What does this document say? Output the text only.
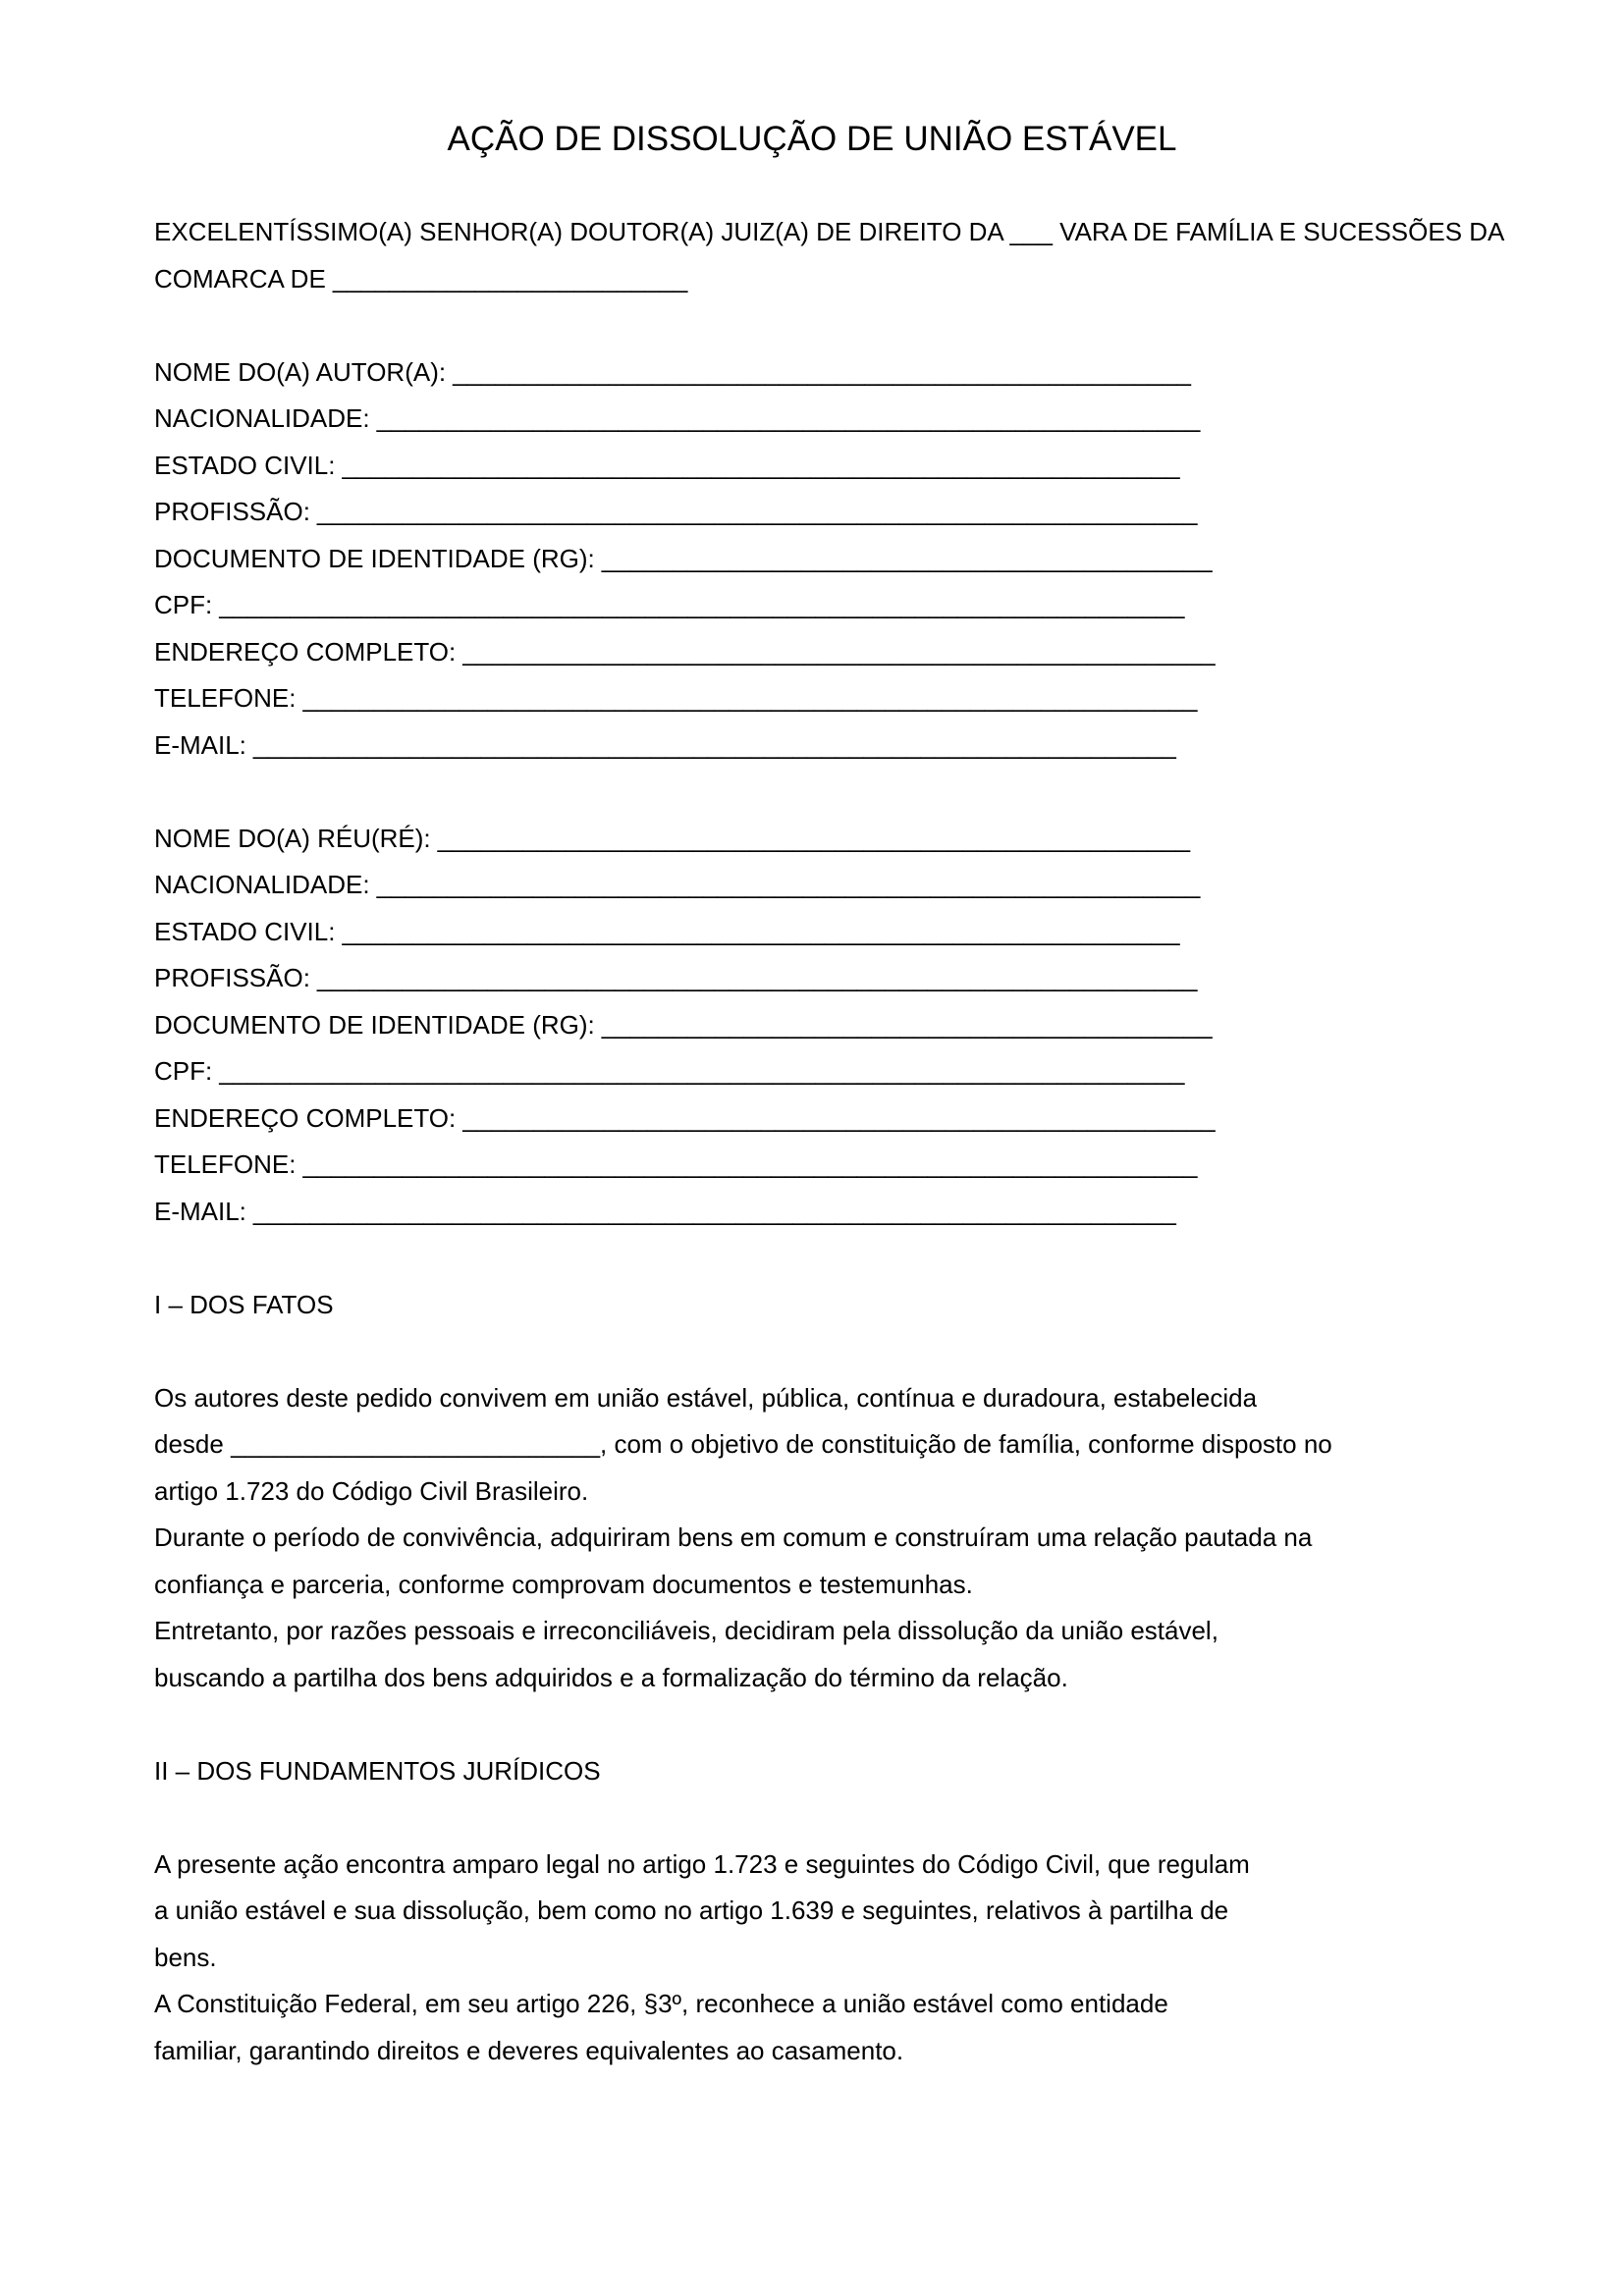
AÇÃO DE DISSOLUÇÃO DE UNIÃO ESTÁVEL
EXCELENTÍSSIMO(A) SENHOR(A) DOUTOR(A) JUIZ(A) DE DIREITO DA ___ VARA DE FAMÍLIA E SUCESSÕES DA
COMARCA DE _________________________
NOME DO(A) AUTOR(A): ____________________________________________________
NACIONALIDADE: __________________________________________________________
ESTADO CIVIL: ___________________________________________________________
PROFISSÃO: ______________________________________________________________
DOCUMENTO DE IDENTIDADE (RG): ___________________________________________
CPF: ____________________________________________________________________
ENDEREÇO COMPLETO: _____________________________________________________
TELEFONE: _______________________________________________________________
E-MAIL: _________________________________________________________________
NOME DO(A) RÉU(RÉ): _____________________________________________________
NACIONALIDADE: __________________________________________________________
ESTADO CIVIL: ___________________________________________________________
PROFISSÃO: ______________________________________________________________
DOCUMENTO DE IDENTIDADE (RG): ___________________________________________
CPF: ____________________________________________________________________
ENDEREÇO COMPLETO: _____________________________________________________
TELEFONE: _______________________________________________________________
E-MAIL: _________________________________________________________________
I – DOS FATOS
Os autores deste pedido convivem em união estável, pública, contínua e duradoura, estabelecida
desde __________________________, com o objetivo de constituição de família, conforme disposto no
artigo 1.723 do Código Civil Brasileiro.
Durante o período de convivência, adquiriram bens em comum e construíram uma relação pautada na
confiança e parceria, conforme comprovam documentos e testemunhas.
Entretanto, por razões pessoais e irreconciliáveis, decidiram pela dissolução da união estável,
buscando a partilha dos bens adquiridos e a formalização do término da relação.
II – DOS FUNDAMENTOS JURÍDICOS
A presente ação encontra amparo legal no artigo 1.723 e seguintes do Código Civil, que regulam
a união estável e sua dissolução, bem como no artigo 1.639 e seguintes, relativos à partilha de
bens.
A Constituição Federal, em seu artigo 226, §3º, reconhece a união estável como entidade
familiar, garantindo direitos e deveres equivalentes ao casamento.
